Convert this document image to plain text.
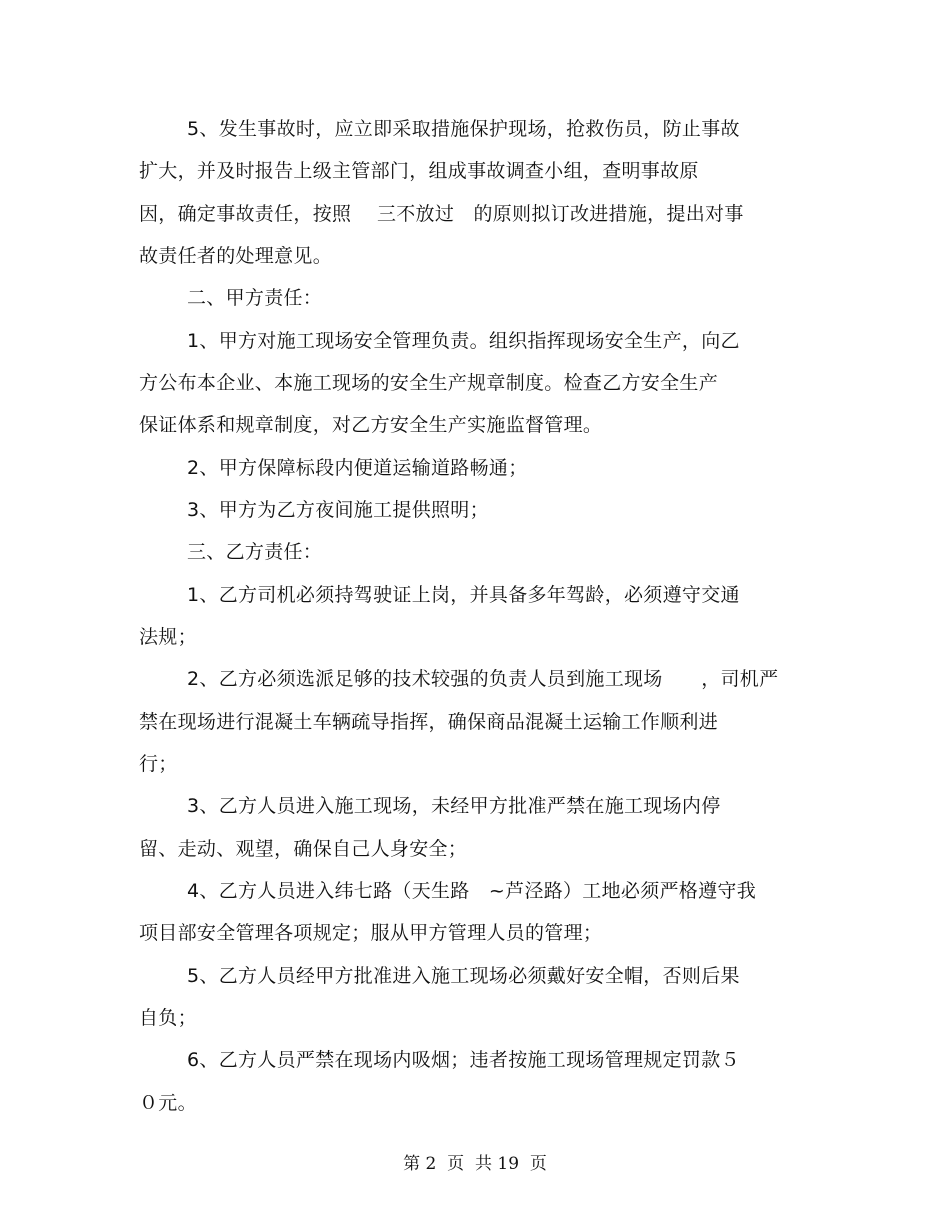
5、发生事故时，应立即采取措施保护现场，抢救伤员，防止事故
扩大，并及时报告上级主管部门，组成事故调查小组，查明事故原
因，确定事故责任，按照 　三不放过　的原则拟订改进措施，提出对事
故责任者的处理意见。
二、甲方责任：
1、甲方对施工现场安全管理负责。组织指挥现场安全生产，向乙
方公布本企业、本施工现场的安全生产规章制度。检查乙方安全生产
保证体系和规章制度，对乙方安全生产实施监督管理。
2、甲方保障标段内便道运输道路畅通；
3、甲方为乙方夜间施工提供照明；
三、乙方责任：
1、乙方司机必须持驾驶证上岗，并具备多年驾龄，必须遵守交通
法规；
2、乙方必须选派足够的技术较强的负责人员到施工现场　　，司机严
禁在现场进行混凝土车辆疏导指挥，确保商品混凝土运输工作顺利进
行；
3、乙方人员进入施工现场，未经甲方批准严禁在施工现场内停
留、走动、观望，确保自己人身安全；
4、乙方人员进入纬七路（天生路　~芦泾路）工地必须严格遵守我
项目部安全管理各项规定；服从甲方管理人员的管理；
5、乙方人员经甲方批准进入施工现场必须戴好安全帽，否则后果
自负；
6、乙方人员严禁在现场内吸烟；违者按施工现场管理规定罚款５
０元。
第 2  页  共 19  页
